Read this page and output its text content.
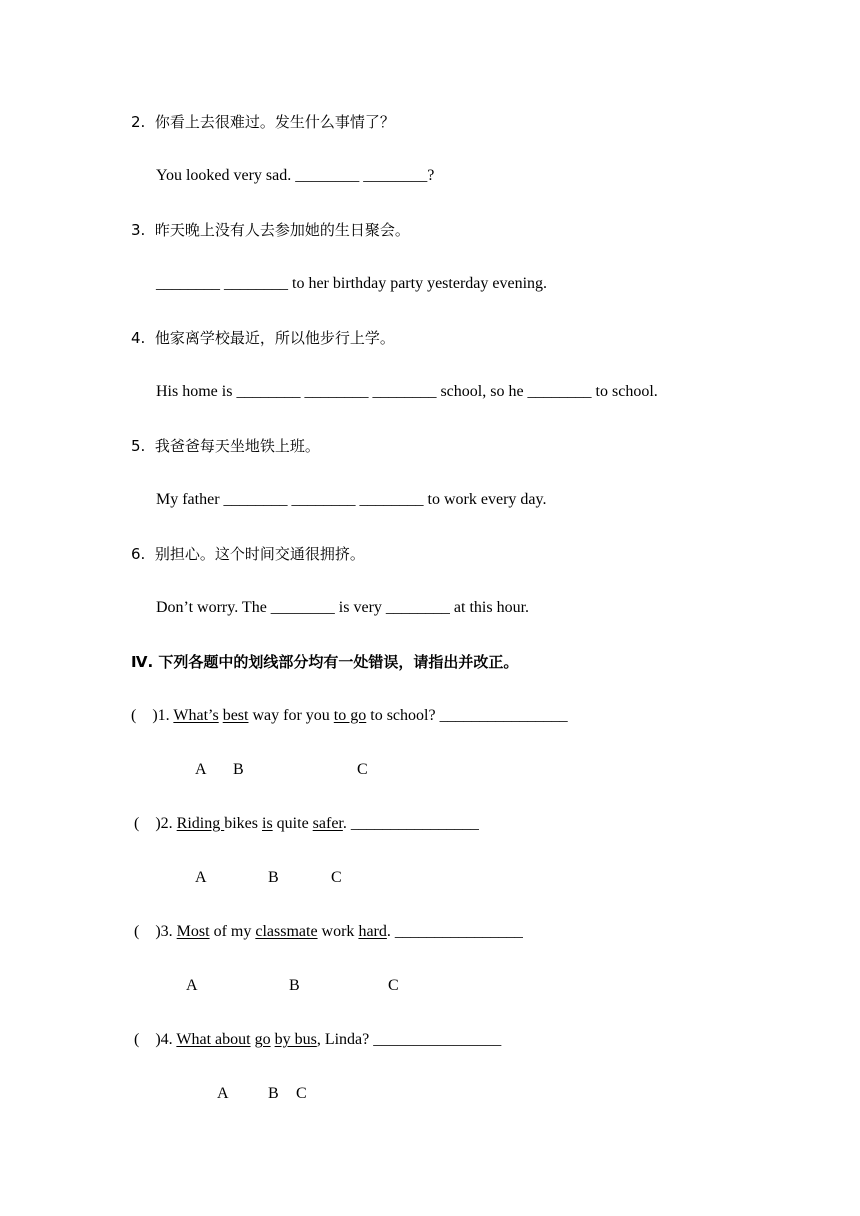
2.  你看上去很难过。发生什么事情了？
You looked very sad. ________ ________?
3.  昨天晚上没有人去参加她的生日聚会。
________ ________ to her birthday party yesterday evening.
4.  他家离学校最近，所以他步行上学。
His home is ________ ________ ________ school, so he ________ to school.
5.  我爸爸每天坐地铁上班。
My father ________ ________ ________ to work every day.
6.  别担心。这个时间交通很拥挤。
Don’t worry. The ________ is very ________ at this hour.
Ⅳ. 下列各题中的划线部分均有一处错误，请指出并改正。
(    )1. What’s best way for you to go to school? ________________

A

B

	C

(    )2. Riding bikes is quite safer. ________________

A

	B

	C

(    )3. Most of my classmate work hard. ________________

A

	B

	C

(    )4. What about go by bus, Linda? ________________

A

B

C
